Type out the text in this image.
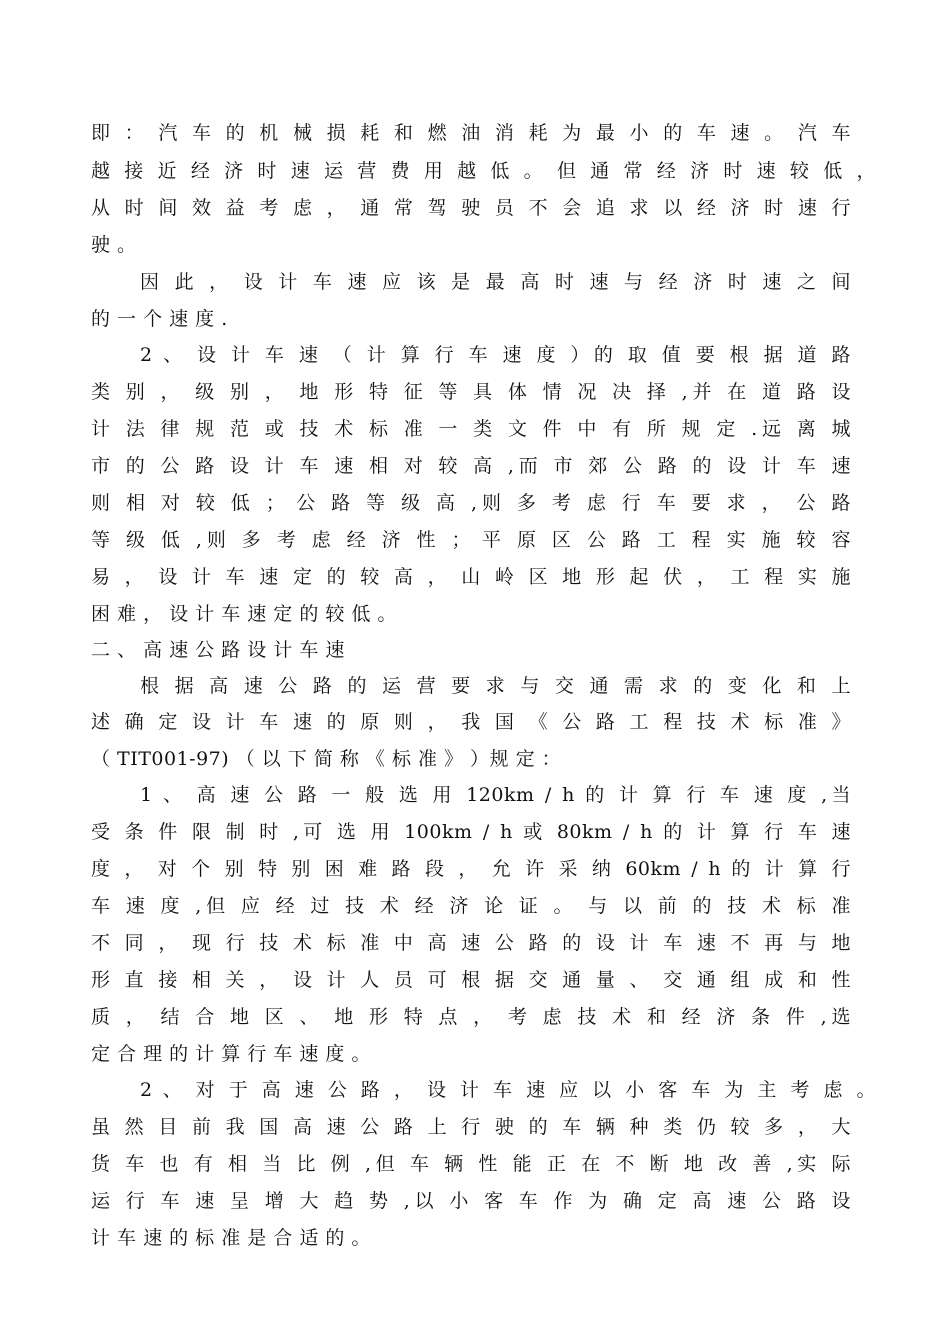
即 ： 汽 车 的 机 械 损 耗 和 燃 油 消 耗 为 最 小 的 车 速 。 汽 车
越 接 近 经 济 时 速 运 营 费 用 越 低 。 但 通 常 经 济 时 速 较 低 ，
从 时 间 效 益 考 虑 ， 通 常 驾 驶 员 不 会 追 求 以 经 济 时 速 行
驶 。
因 此 ， 设 计 车 速 应 该 是 最 高 时 速 与 经 济 时 速 之 间
的 一 个 速 度 .
2 、 设 计 车 速 （ 计 算 行 车 速 度 ）的 取 值 要 根 据 道 路
类 别 ， 级 别 ， 地 形 特 征 等 具 体 情 况 决 择 ,并 在 道 路 设
计 法 律 规 范 或 技 术 标 准 一 类 文 件 中 有 所 规 定 .远 离 城
市 的 公 路 设 计 车 速 相 对 较 高 ,而 市 郊 公 路 的 设 计 车 速
则 相 对 较 低 ； 公 路 等 级 高 ,则 多 考 虑 行 车 要 求 ， 公 路
等 级 低 ,则 多 考 虑 经 济 性 ； 平 原 区 公 路 工 程 实 施 较 容
易 ， 设 计 车 速 定 的 较 高 ， 山 岭 区 地 形 起 伏 ， 工 程 实 施
困 难 ， 设 计 车 速 定 的 较 低 。
二 、 高 速 公 路 设 计 车 速
根 据 高 速 公 路 的 运 营 要 求 与 交 通 需 求 的 变 化 和 上
述 确 定 设 计 车 速 的 原 则 ， 我 国 《 公 路 工 程 技 术 标 准 》
（ TIT001-97) （ 以 下 简 称 《 标 准 》 ）规 定 ：
1 、 高 速 公 路 一 般 选 用 120km / h 的 计 算 行 车 速 度 ,当
受 条 件 限 制 时 ,可 选 用 100km / h 或 80km / h 的 计 算 行 车 速
度 ， 对 个 别 特 别 困 难 路 段 ， 允 许 采 纳 60km / h 的 计 算 行
车 速 度 ,但 应 经 过 技 术 经 济 论 证 。 与 以 前 的 技 术 标 准
不 同 ， 现 行 技 术 标 准 中 高 速 公 路 的 设 计 车 速 不 再 与 地
形 直 接 相 关 ， 设 计 人 员 可 根 据 交 通 量 、 交 通 组 成 和 性
质 ， 结 合 地 区 、 地 形 特 点 ， 考 虑 技 术 和 经 济 条 件 ,选
定 合 理 的 计 算 行 车 速 度 。
2 、 对 于 高 速 公 路 ， 设 计 车 速 应 以 小 客 车 为 主 考 虑 。
虽 然 目 前 我 国 高 速 公 路 上 行 驶 的 车 辆 种 类 仍 较 多 ， 大
货 车 也 有 相 当 比 例 ,但 车 辆 性 能 正 在 不 断 地 改 善 ,实 际
运 行 车 速 呈 增 大 趋 势 ,以 小 客 车 作 为 确 定 高 速 公 路 设
计 车 速 的 标 准 是 合 适 的 。
